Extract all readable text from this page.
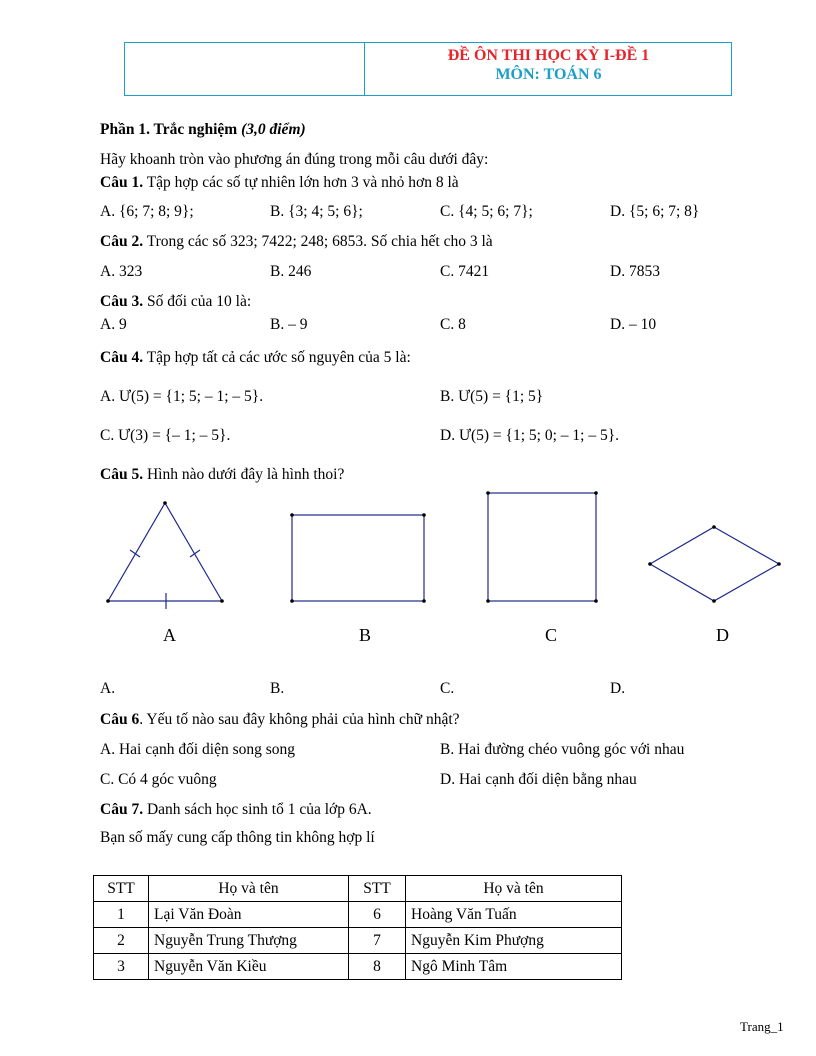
ĐỀ ÔN THI HỌC KỲ I-ĐỀ 1
MÔN: TOÁN 6
Phần 1. Trắc nghiệm (3,0 điểm)
Hãy khoanh tròn vào phương án đúng trong mỗi câu dưới đây:
Câu 1. Tập hợp các số tự nhiên lớn hơn 3 và nhỏ hơn 8 là
A. {6; 7; 8; 9};	B. {3; 4; 5; 6};	C. {4; 5; 6; 7};	D. {5; 6; 7; 8}
Câu 2. Trong các số 323; 7422; 248; 6853. Số chia hết cho 3 là
A. 323	B. 246	C. 7421	D. 7853
Câu 3. Số đối của 10 là:
A. 9	B. – 9	C. 8	D. – 10
Câu 4. Tập hợp tất cả các ước số nguyên của 5 là:
A. Ư(5) = {1; 5; – 1; – 5}.	B. Ư(5) = {1; 5}
C. Ư(3) = {– 1; – 5}.	D. Ư(5) = {1; 5; 0; – 1; – 5}.
Câu 5. Hình nào dưới đây là hình thoi?
A	B	C	D
A.	B.	C.	D.
Câu 6. Yếu tố nào sau đây không phải của hình chữ nhật?
A. Hai cạnh đối diện song song	B. Hai đường chéo vuông góc với nhau
C. Có 4 góc vuông	D. Hai cạnh đối diện bằng nhau
Câu 7. Danh sách học sinh tổ 1 của lớp 6A.
Bạn số mấy cung cấp thông tin không hợp lí
STT	Họ và tên	STT	Họ và tên
1	Lại Văn Đoàn	6	Hoàng Văn Tuấn
2	Nguyễn Trung Thượng	7	Nguyễn Kim Phượng
3	Nguyễn Văn Kiều	8	Ngô Minh Tâm
Trang_1
